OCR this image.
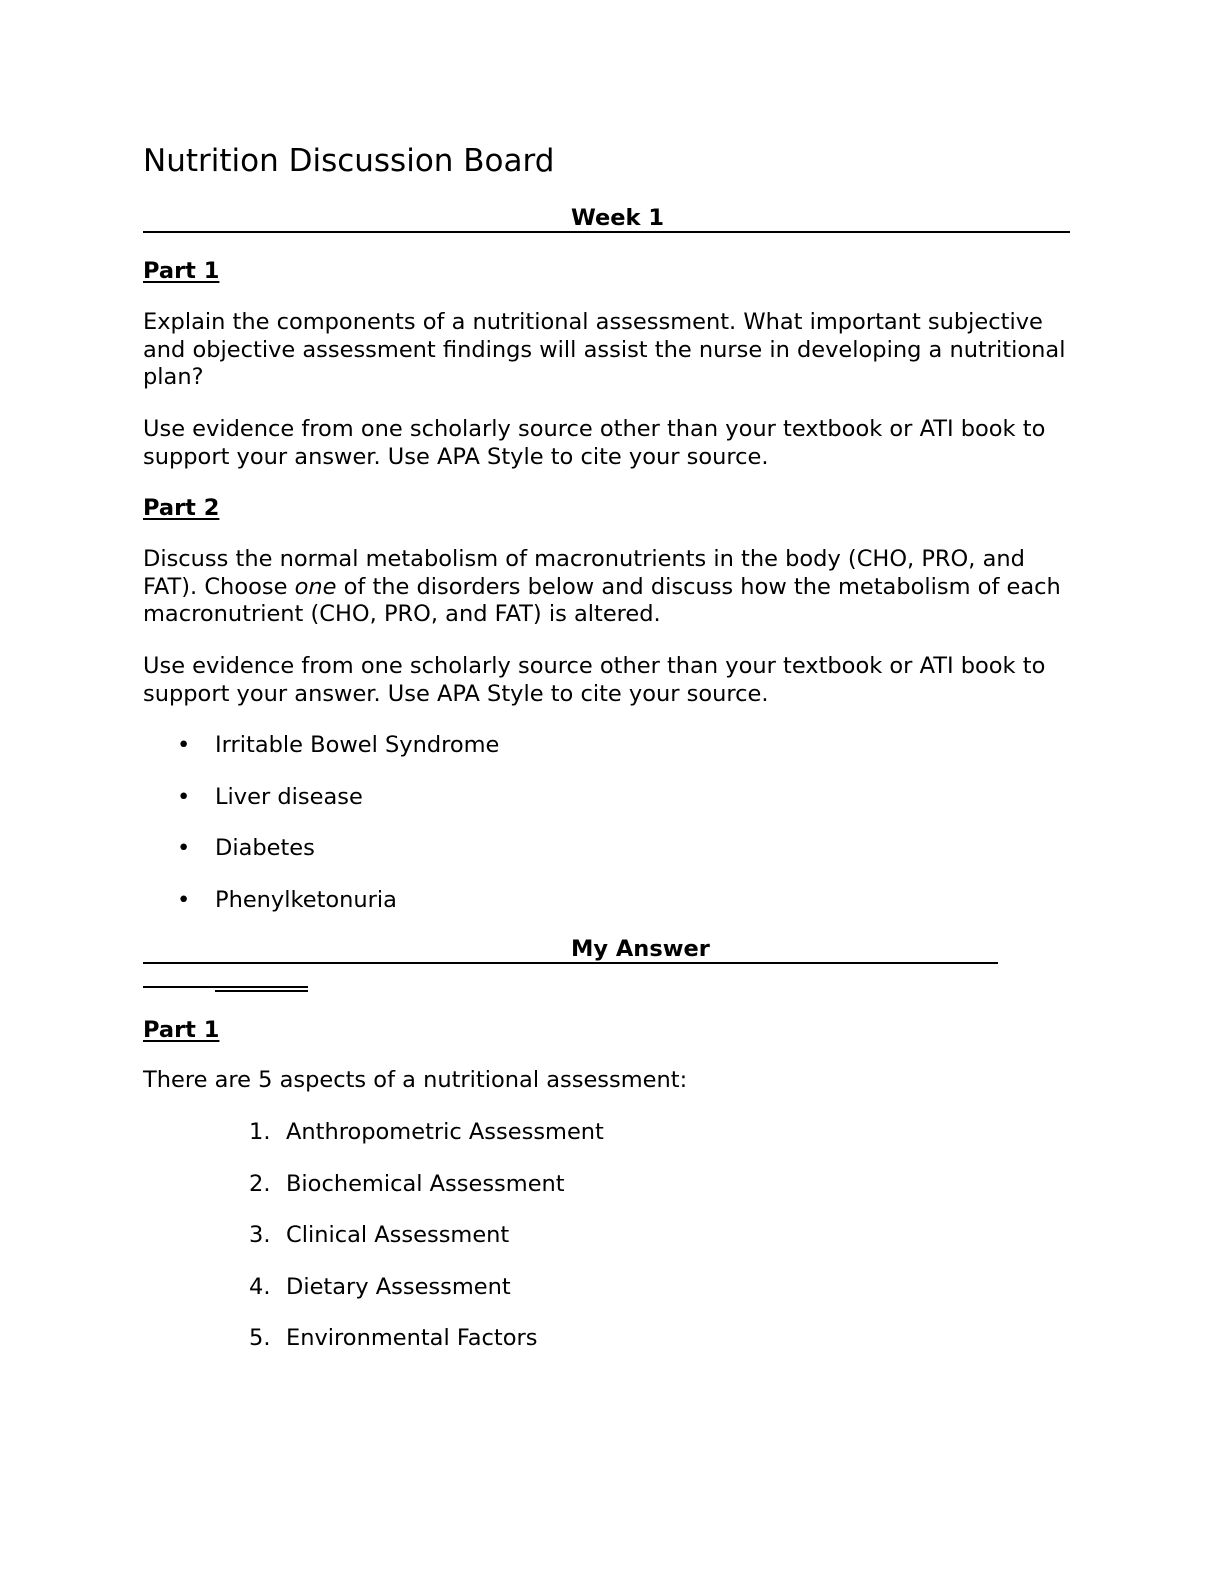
Nutrition Discussion Board
Week 1
Part 1

Explain the components of a nutritional assessment. What important subjective and objective assessment findings will assist the nurse in developing a nutritional plan?

Use evidence from one scholarly source other than your textbook or ATI book to support your answer. Use APA Style to cite your source.

Part 2

Discuss the normal metabolism of macronutrients in the body (CHO, PRO, and FAT). Choose one of the disorders below and discuss how the metabolism of each macronutrient (CHO, PRO, and FAT) is altered.

Use evidence from one scholarly source other than your textbook or ATI book to support your answer. Use APA Style to cite your source.

• Irritable Bowel Syndrome
• Liver disease
• Diabetes
• Phenylketonuria
My Answer
Part 1

There are 5 aspects of a nutritional assessment:

1. Anthropometric Assessment
2. Biochemical Assessment
3. Clinical Assessment
4. Dietary Assessment
5. Environmental Factors
